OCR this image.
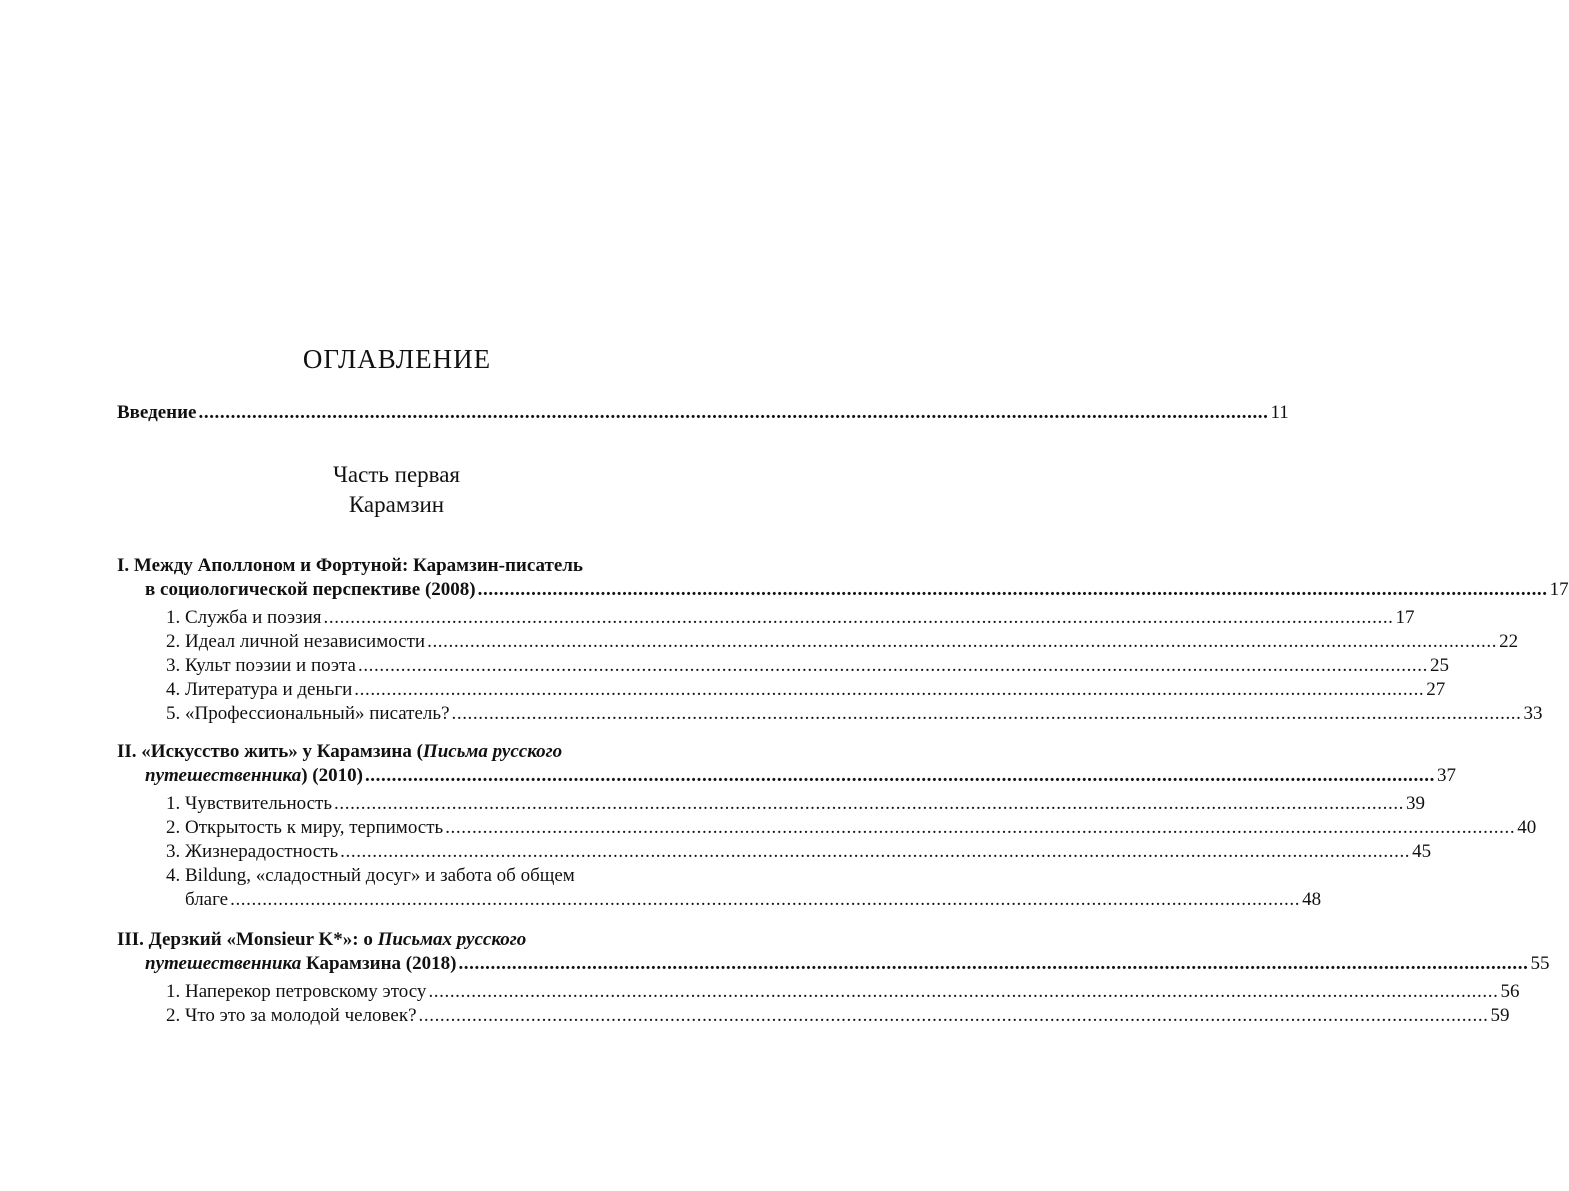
ОГЛАВЛЕНИЕ
Введение ........................................................................................................................................................................................................ 11
Часть первая
Карамзин
I. Между Аполлоном и Фортуной: Карамзин-писатель
в социологической перспективе (2008) ........................................................................................................................................................................................................ 17
1. Служба и поэзия ........................................................................................................................................................................................................ 17
2. Идеал личной независимости ........................................................................................................................................................................................................ 22
3. Культ поэзии и поэта ........................................................................................................................................................................................................ 25
4. Литература и деньги ........................................................................................................................................................................................................ 27
5. «Профессиональный» писатель? ........................................................................................................................................................................................................ 33
II. «Искусство жить» у Карамзина (Письма русского
путешественника) (2010) ........................................................................................................................................................................................................ 37
1. Чувствительность ........................................................................................................................................................................................................ 39
2. Открытость к миру, терпимость ........................................................................................................................................................................................................ 40
3. Жизнерадостность ........................................................................................................................................................................................................ 45
4. Bildung, «сладостный досуг» и забота об общем
благе ........................................................................................................................................................................................................ 48
III. Дерзкий «Monsieur K*»: о Письмах русского
путешественника Карамзина (2018) ........................................................................................................................................................................................................ 55
1. Наперекор петровскому этосу ........................................................................................................................................................................................................ 56
2. Что это за молодой человек? ........................................................................................................................................................................................................ 59
